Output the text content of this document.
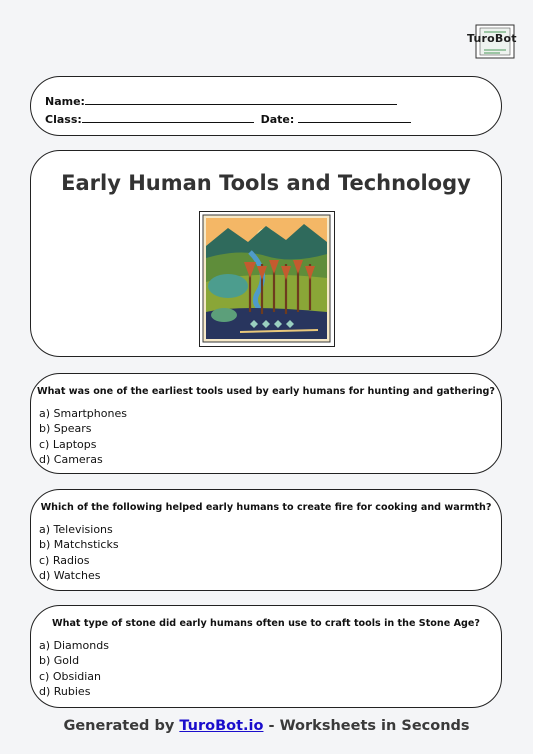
TuroBot
Name:
Class:	Date:
Early Human Tools and Technology
What was one of the earliest tools used by early humans for hunting and gathering?
a) Smartphones
b) Spears
c) Laptops
d) Cameras
Which of the following helped early humans to create fire for cooking and warmth?
a) Televisions
b) Matchsticks
c) Radios
d) Watches
What type of stone did early humans often use to craft tools in the Stone Age?
a) Diamonds
b) Gold
c) Obsidian
d) Rubies
Generated by TuroBot.io - Worksheets in Seconds
